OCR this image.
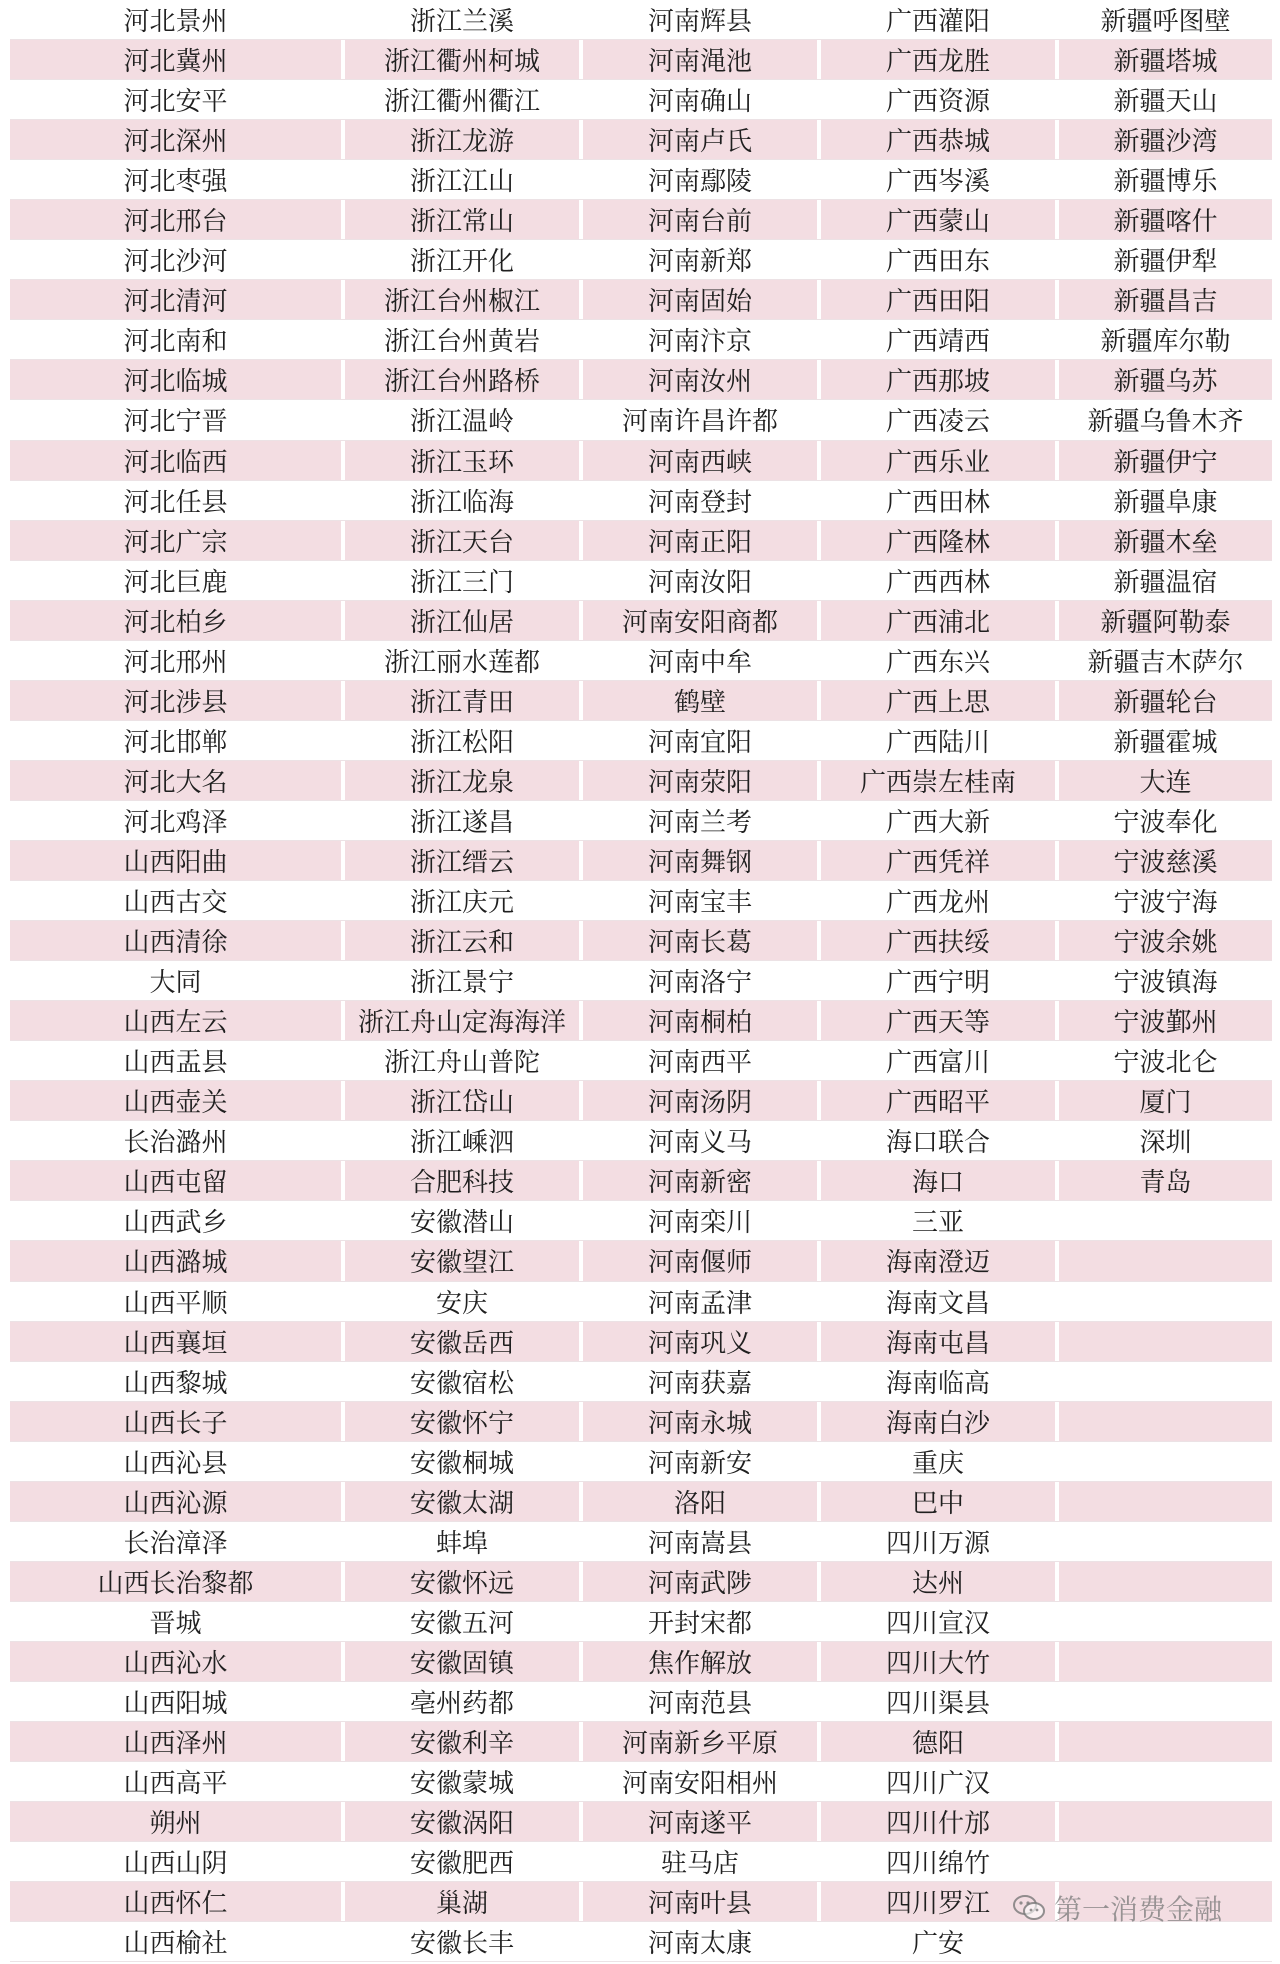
河北景州	浙江兰溪	河南辉县	广西灌阳	新疆呼图壁
河北冀州	浙江衢州柯城	河南渑池	广西龙胜	新疆塔城
河北安平	浙江衢州衢江	河南确山	广西资源	新疆天山
河北深州	浙江龙游	河南卢氏	广西恭城	新疆沙湾
河北枣强	浙江江山	河南鄢陵	广西岑溪	新疆博乐
河北邢台	浙江常山	河南台前	广西蒙山	新疆喀什
河北沙河	浙江开化	河南新郑	广西田东	新疆伊犁
河北清河	浙江台州椒江	河南固始	广西田阳	新疆昌吉
河北南和	浙江台州黄岩	河南汴京	广西靖西	新疆库尔勒
河北临城	浙江台州路桥	河南汝州	广西那坡	新疆乌苏
河北宁晋	浙江温岭	河南许昌许都	广西凌云	新疆乌鲁木齐
河北临西	浙江玉环	河南西峡	广西乐业	新疆伊宁
河北任县	浙江临海	河南登封	广西田林	新疆阜康
河北广宗	浙江天台	河南正阳	广西隆林	新疆木垒
河北巨鹿	浙江三门	河南汝阳	广西西林	新疆温宿
河北柏乡	浙江仙居	河南安阳商都	广西浦北	新疆阿勒泰
河北邢州	浙江丽水莲都	河南中牟	广西东兴	新疆吉木萨尔
河北涉县	浙江青田	鹤壁	广西上思	新疆轮台
河北邯郸	浙江松阳	河南宜阳	广西陆川	新疆霍城
河北大名	浙江龙泉	河南荥阳	广西崇左桂南	大连
河北鸡泽	浙江遂昌	河南兰考	广西大新	宁波奉化
山西阳曲	浙江缙云	河南舞钢	广西凭祥	宁波慈溪
山西古交	浙江庆元	河南宝丰	广西龙州	宁波宁海
山西清徐	浙江云和	河南长葛	广西扶绥	宁波余姚
大同	浙江景宁	河南洛宁	广西宁明	宁波镇海
山西左云	浙江舟山定海海洋	河南桐柏	广西天等	宁波鄞州
山西盂县	浙江舟山普陀	河南西平	广西富川	宁波北仑
山西壶关	浙江岱山	河南汤阴	广西昭平	厦门
长治潞州	浙江嵊泗	河南义马	海口联合	深圳
山西屯留	合肥科技	河南新密	海口	青岛
山西武乡	安徽潜山	河南栾川	三亚
山西潞城	安徽望江	河南偃师	海南澄迈
山西平顺	安庆	河南孟津	海南文昌
山西襄垣	安徽岳西	河南巩义	海南屯昌
山西黎城	安徽宿松	河南获嘉	海南临高
山西长子	安徽怀宁	河南永城	海南白沙
山西沁县	安徽桐城	河南新安	重庆
山西沁源	安徽太湖	洛阳	巴中
长治漳泽	蚌埠	河南嵩县	四川万源
山西长治黎都	安徽怀远	河南武陟	达州
晋城	安徽五河	开封宋都	四川宣汉
山西沁水	安徽固镇	焦作解放	四川大竹
山西阳城	亳州药都	河南范县	四川渠县
山西泽州	安徽利辛	河南新乡平原	德阳
山西高平	安徽蒙城	河南安阳相州	四川广汉
朔州	安徽涡阳	河南遂平	四川什邡
山西山阴	安徽肥西	驻马店	四川绵竹
山西怀仁	巢湖	河南叶县	四川罗江
山西榆社	安徽长丰	河南太康	广安
第一消费金融
